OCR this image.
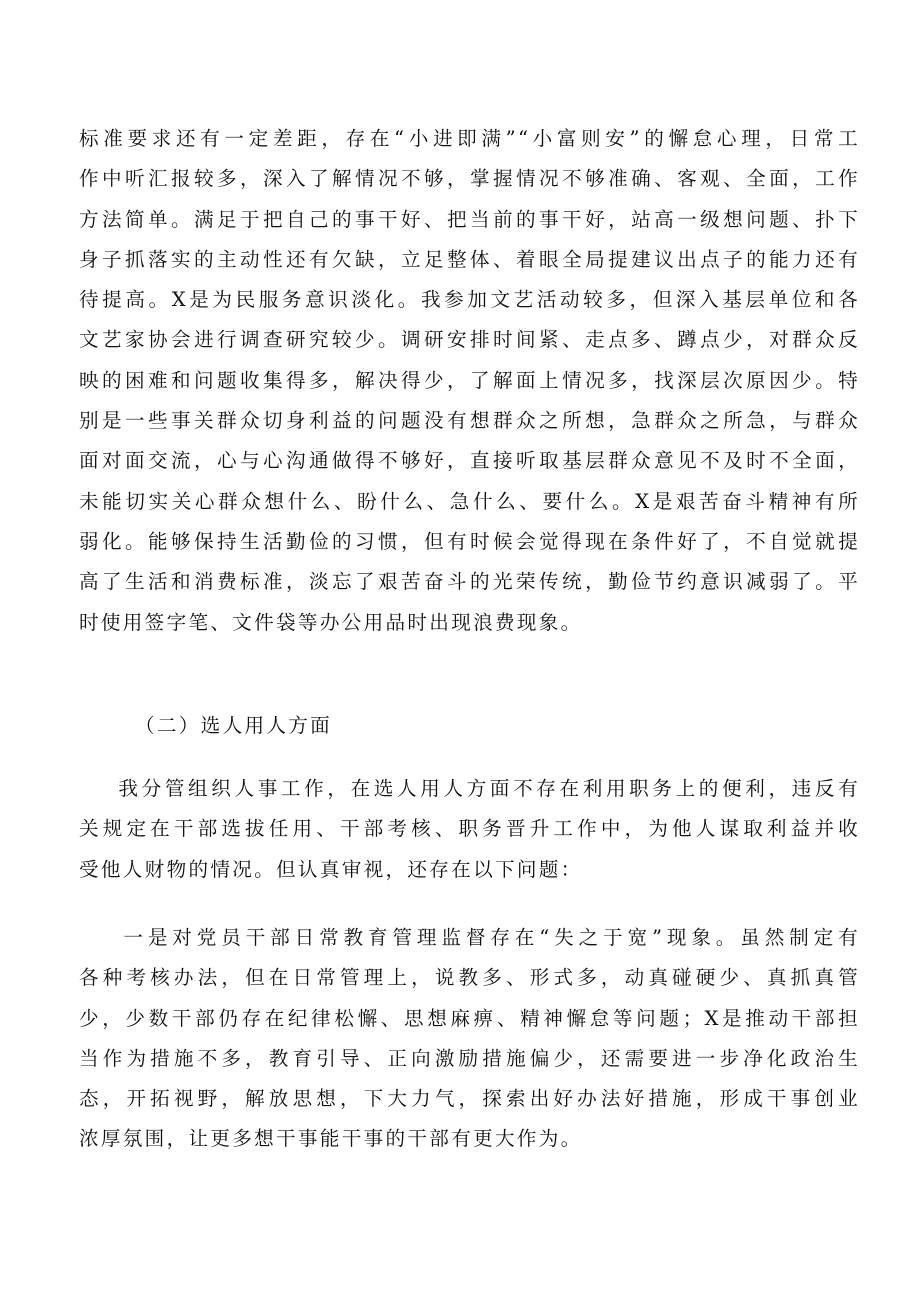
标准要求还有一定差距，存在“小进即满”“小富则安”的懈怠心理，日常工
作中听汇报较多，深入了解情况不够，掌握情况不够准确、客观、全面，工作
方法简单。满足于把自己的事干好、把当前的事干好，站高一级想问题、扑下
身子抓落实的主动性还有欠缺，立足整体、着眼全局提建议出点子的能力还有
待提高。X是为民服务意识淡化。我参加文艺活动较多，但深入基层单位和各
文艺家协会进行调查研究较少。调研安排时间紧、走点多、蹲点少，对群众反
映的困难和问题收集得多，解决得少，了解面上情况多，找深层次原因少。特
别是一些事关群众切身利益的问题没有想群众之所想，急群众之所急，与群众
面对面交流，心与心沟通做得不够好，直接听取基层群众意见不及时不全面，
未能切实关心群众想什么、盼什么、急什么、要什么。X是艰苦奋斗精神有所
弱化。能够保持生活勤俭的习惯，但有时候会觉得现在条件好了，不自觉就提
高了生活和消费标准，淡忘了艰苦奋斗的光荣传统，勤俭节约意识减弱了。平
时使用签字笔、文件袋等办公用品时出现浪费现象。
（二）选人用人方面
我分管组织人事工作，在选人用人方面不存在利用职务上的便利，违反有
关规定在干部选拔任用、干部考核、职务晋升工作中，为他人谋取利益并收
受他人财物的情况。但认真审视，还存在以下问题：
一是对党员干部日常教育管理监督存在“失之于宽”现象。虽然制定有
各种考核办法，但在日常管理上，说教多、形式多，动真碰硬少、真抓真管
少，少数干部仍存在纪律松懈、思想麻痹、精神懈怠等问题；X是推动干部担
当作为措施不多，教育引导、正向激励措施偏少，还需要进一步净化政治生
态，开拓视野，解放思想，下大力气，探索出好办法好措施，形成干事创业
浓厚氛围，让更多想干事能干事的干部有更大作为。
